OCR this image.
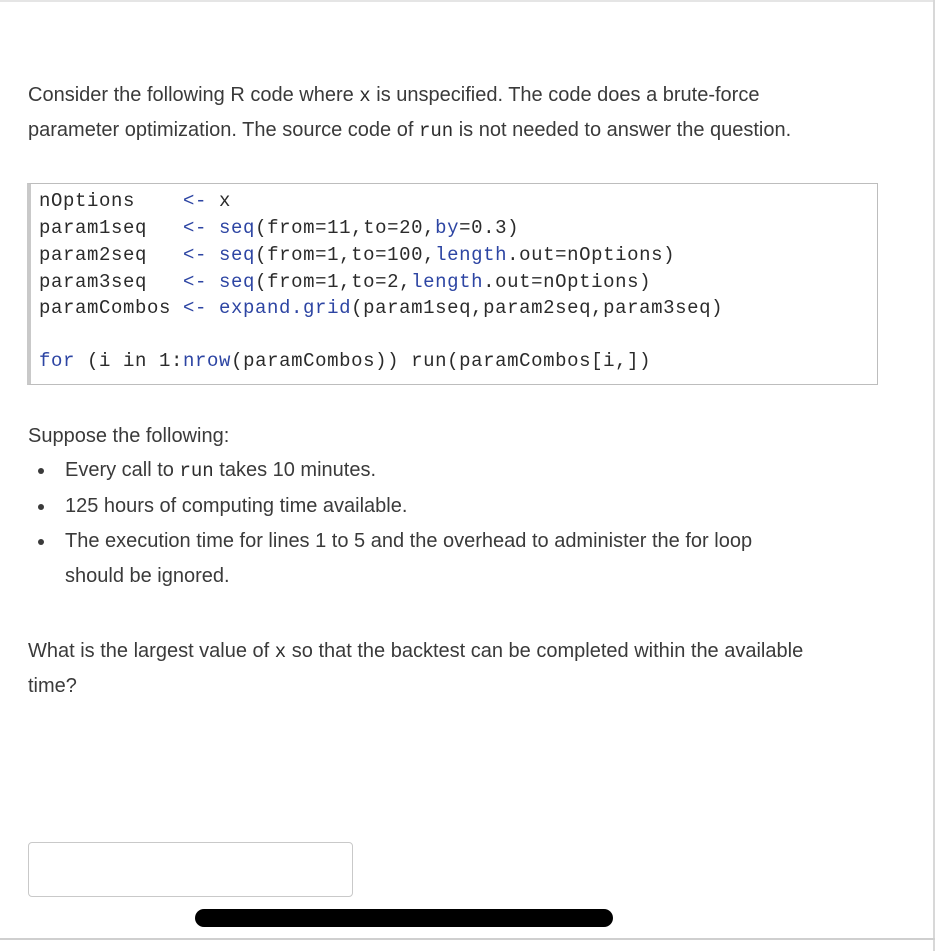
Consider the following R code where x is unspecified. The code does a brute-force

parameter optimization. The source code of run is not needed to answer the question.

nOptions    <- x
param1seq   <- seq(from=11,to=20,by=0.3)
param2seq   <- seq(from=1,to=100,length.out=nOptions)
param3seq   <- seq(from=1,to=2,length.out=nOptions)
paramCombos <- expand.grid(param1seq,param2seq,param3seq)
for (i in 1:nrow(paramCombos)) run(paramCombos[i,])

Suppose the following:

Every call to run takes 10 minutes.
125 hours of computing time available.
The execution time for lines 1 to 5 and the overhead to administer the for loop
should be ignored.

What is the largest value of x so that the backtest can be completed within the available

time?
